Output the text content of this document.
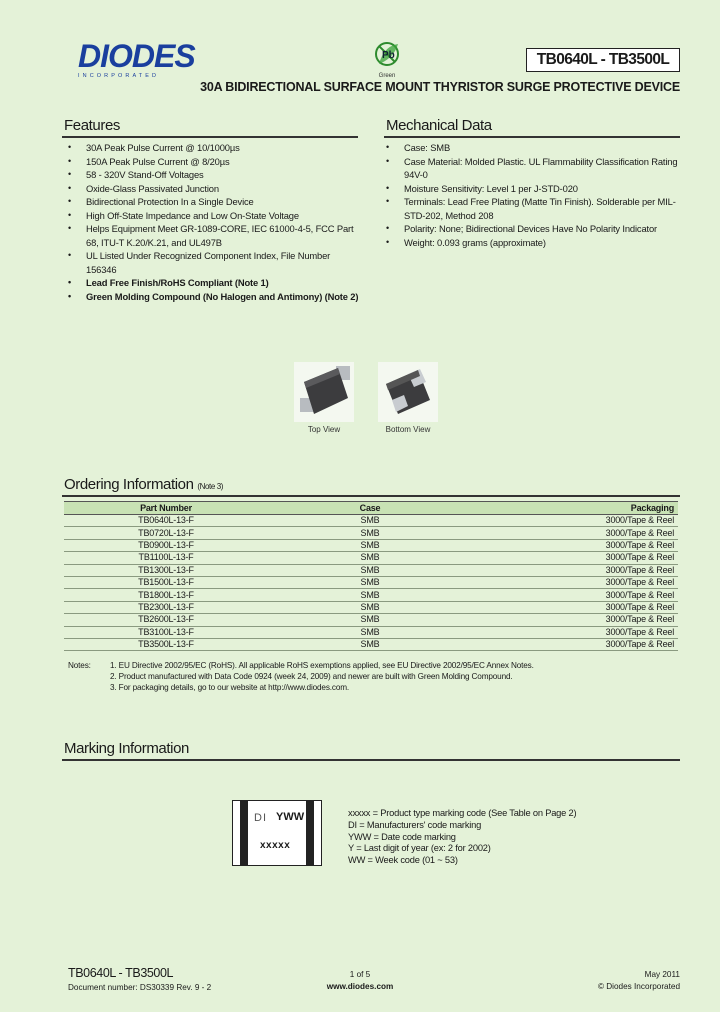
DIODES
INCORPORATED
Pb
Green
TB0640L - TB3500L
30A BIDIRECTIONAL SURFACE MOUNT THYRISTOR SURGE PROTECTIVE DEVICE
Features
• 30A Peak Pulse Current @ 10/1000µs
• 150A Peak Pulse Current @ 8/20µs
• 58 - 320V Stand-Off Voltages
• Oxide-Glass Passivated Junction
• Bidirectional Protection In a Single Device
• High Off-State Impedance and Low On-State Voltage
• Helps Equipment Meet GR-1089-CORE, IEC 61000-4-5, FCC Part 68, ITU-T K.20/K.21, and UL497B
• UL Listed Under Recognized Component Index, File Number 156346
• Lead Free Finish/RoHS Compliant (Note 1)
• Green Molding Compound (No Halogen and Antimony) (Note 2)
Mechanical Data
• Case: SMB
• Case Material: Molded Plastic. UL Flammability Classification Rating 94V-0
• Moisture Sensitivity: Level 1 per J-STD-020
• Terminals: Lead Free Plating (Matte Tin Finish). Solderable per MIL-STD-202, Method 208
• Polarity: None; Bidirectional Devices Have No Polarity Indicator
• Weight: 0.093 grams (approximate)
Top View	Bottom View
Ordering Information (Note 3)
Part Number	Case	Packaging
TB0640L-13-F	SMB	3000/Tape & Reel
TB0720L-13-F	SMB	3000/Tape & Reel
TB0900L-13-F	SMB	3000/Tape & Reel
TB1100L-13-F	SMB	3000/Tape & Reel
TB1300L-13-F	SMB	3000/Tape & Reel
TB1500L-13-F	SMB	3000/Tape & Reel
TB1800L-13-F	SMB	3000/Tape & Reel
TB2300L-13-F	SMB	3000/Tape & Reel
TB2600L-13-F	SMB	3000/Tape & Reel
TB3100L-13-F	SMB	3000/Tape & Reel
TB3500L-13-F	SMB	3000/Tape & Reel
Notes: 1. EU Directive 2002/95/EC (RoHS). All applicable RoHS exemptions applied, see EU Directive 2002/95/EC Annex Notes.
2. Product manufactured with Data Code 0924 (week 24, 2009) and newer are built with Green Molding Compound.
3. For packaging details, go to our website at http://www.diodes.com.
Marking Information
DI YWW
xxxxx
xxxxx = Product type marking code (See Table on Page 2)
DI = Manufacturers' code marking
YWW = Date code marking
Y = Last digit of year (ex: 2 for 2002)
WW = Week code (01 ~ 53)
TB0640L - TB3500L
Document number: DS30339 Rev. 9 - 2
1 of 5
www.diodes.com
May 2011
© Diodes Incorporated
